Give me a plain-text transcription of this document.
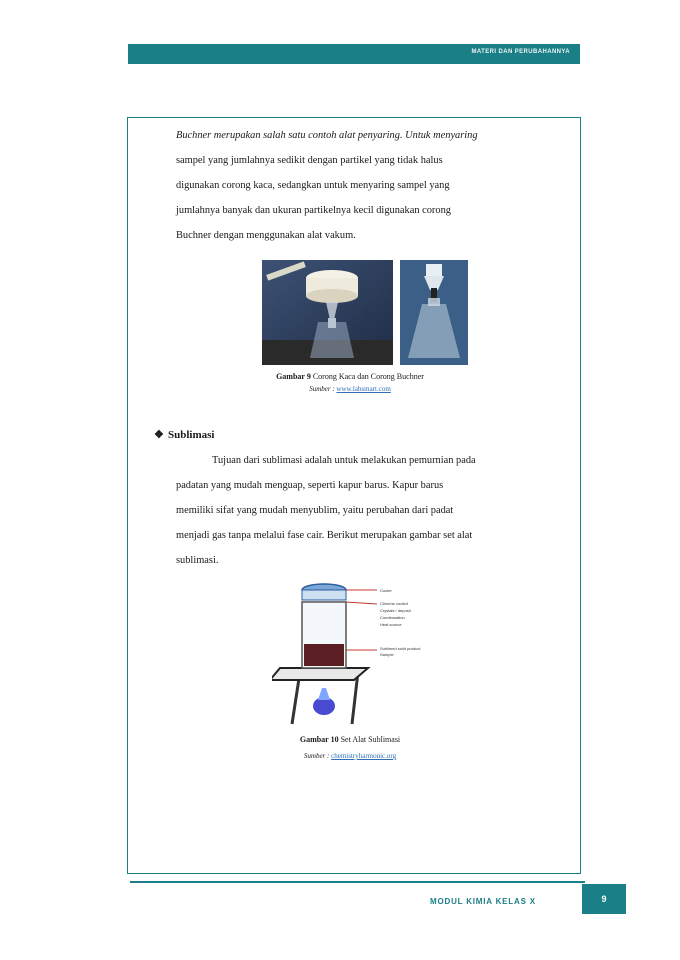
MATERI DAN PERUBAHANNYA
Buchner merupakan salah satu contoh alat penyaring. Untuk menyaring
sampel yang jumlahnya sedikit dengan partikel yang tidak halus
digunakan corong kaca, sedangkan untuk menyaring sampel yang
jumlahnya banyak dan ukuran partikelnya kecil digunakan corong
Buchner dengan menggunakan alat vakum.
Gambar 9 Corong Kaca dan Corong Buchner
Sumber : www.labsmart.com
❖ Sublimasi
Tujuan dari sublimasi adalah untuk melakukan pemurnian pada
padatan yang mudah menguap, seperti kapur barus. Kapur barus
memiliki sifat yang mudah menyublim, yaitu perubahan dari padat
menjadi gas tanpa melalui fase cair. Berikut merupakan gambar set alat
sublimasi.
Cooler
Chlorine cooled
Crystals / deposit
Condensation
Heat source
Sublimed solid product
Sample
Gambar 10 Set Alat Sublimasi
Sumber : chemistryharmonic.org
MODUL KIMIA KELAS X	9
